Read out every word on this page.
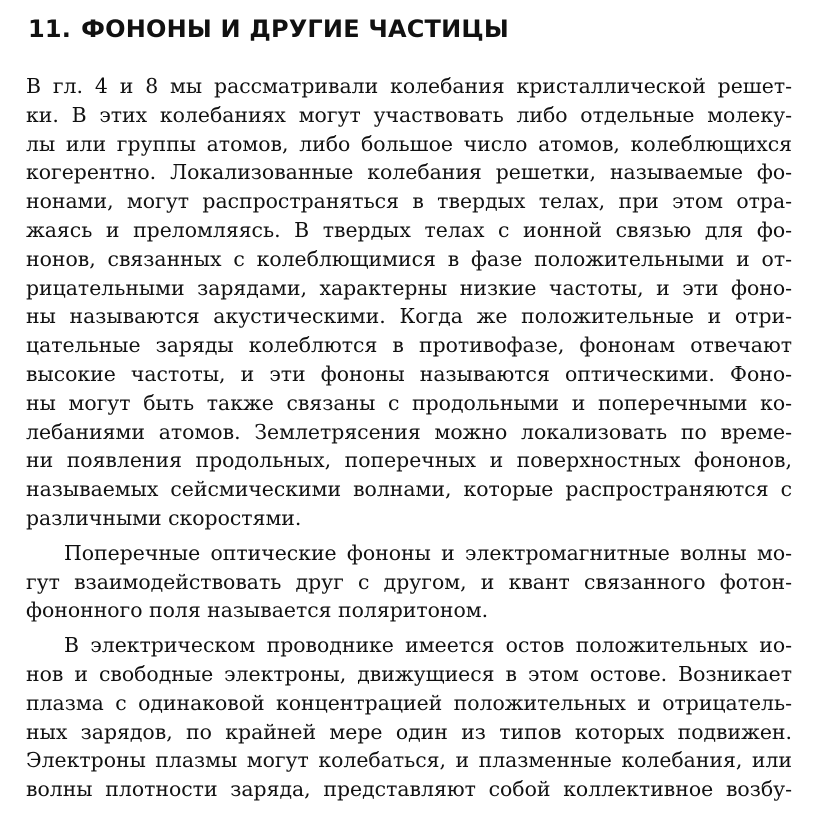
11. ФОНОНЫ И ДРУГИЕ ЧАСТИЦЫ
В гл. 4 и 8 мы рассматривали колебания кристаллической решет-
ки. В этих колебаниях могут участвовать либо отдельные молеку-
лы или группы атомов, либо большое число атомов, колеблющихся
когерентно. Локализованные колебания решетки, называемые фо-
нонами, могут распространяться в твердых телах, при этом отра-
жаясь и преломляясь. В твердых телах с ионной связью для фо-
нонов, связанных с колеблющимися в фазе положительными и от-
рицательными зарядами, характерны низкие частоты, и эти фоно-
ны называются акустическими. Когда же положительные и отри-
цательные заряды колеблются в противофазе, фононам отвечают
высокие частоты, и эти фононы называются оптическими. Фоно-
ны могут быть также связаны с продольными и поперечными ко-
лебаниями атомов. Землетрясения можно локализовать по време-
ни появления продольных, поперечных и поверхностных фононов,
называемых сейсмическими волнами, которые распространяются с
различными скоростями.
Поперечные оптические фононы и электромагнитные волны мо-
гут взаимодействовать друг с другом, и квант связанного фотон-
фононного поля называется поляритоном.
В электрическом проводнике имеется остов положительных ио-
нов и свободные электроны, движущиеся в этом остове. Возникает
плазма с одинаковой концентрацией положительных и отрицатель-
ных зарядов, по крайней мере один из типов которых подвижен.
Электроны плазмы могут колебаться, и плазменные колебания, или
волны плотности заряда, представляют собой коллективное возбу-
